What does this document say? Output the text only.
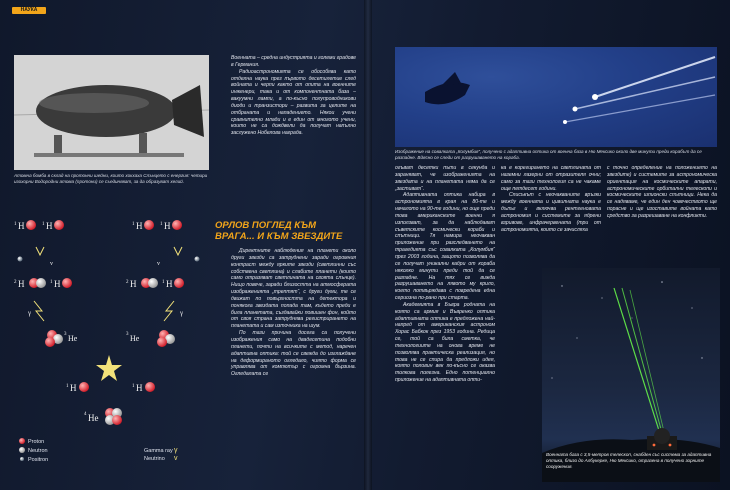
НАУКА
Атомна бомба в склад на протонни шейни, които хокхаха Слънцето с енергия: четири изохорни Водородни атома (протони) се съединяват, за да образуват хелий.

Военната – средна индустрията и големи градове в Германия.

Радиоастрономията се обособява като отделна наука през първото десетилетие след войната и черпи както от опита на военните инженери, така и от компонентната база – вакуумни лампи, а по-късно полупроводникови диоди и транзистори – развита за целите на отбраната и нападението. Някои учени сравнително млади и е един от многото учени, които не са дождвели да получат напълно заслужено Нобелова награда.

ОРЛОВ ПОГЛЕД КЪМ ВРАГА... И КЪМ ЗВЕЗДИТЕ

Директните наблюдения на планети около други звезди са затруднени заради огромния контраст между ярките звезди (светлинни със собствена светлина) и слабите планети (които само отразяват светлината на своята слънце). Нищо повече, заради близостта на атмосферата изображенията „трептят“, с други думи, те се движат по повърхността на детектора и понякога звездата попада там, където преди е била планетата, създавайки повишен фон, който от своя страна затруднява регистрирането на планетата и сам източника на шум.

По тази причина досега са получени изображения само на двадесетина подобни планети, почти на всичките с метод, наречен адаптивна оптика: той се свежда до изглаждане на деформираното огледало, чиято форма се управлява от компютър с огромна бързина. Огледалата се

1 H	1 H	1 H	1 H
v	v
2 H	1 H	2 H	1 H
γ	γ
3 He	3 He
1 H	1 H
4 He
Proton
Neutron
Positron
Gamma ray γ
Neutrino v
Изображение на совалката „Колумбия“, получено с адаптивна оптика от военна база в Ню Мексико около две минути преди корабът да се разпадне. Вдясно се следи от разрушаването на кораба.

огъват десетки пъти в секунда и зараняват, че изображенията на звездата и на планетата няма да се „застиват“.

Адаптивната оптика набира в астрономията в края на 80-те и началото на 90-те години, но още преди това американските военни я използват, за да наблюдават съветските космически кораби и спътници. Тя намира неочакван приложение при разследването на трагедията със совалката „Колумбия“ през 2003 година, защото позволява да се получат уникални кадри от кораба няколко минути преди той да се разпадне. На тях се вижда разрушаването на лявото му крило, което потвърждава с повредена една сериозна по-рано при старта.

Академията в Бъвра родната на която са армия и Въвренко оптика адаптивната оптика е предложена най-напред от американския астроном Хорас Бабкок през 1953 година. Редица се, той са била сметка, че технологиите на онова време не позволява практическа реализация, но това не се спира да предложи идея, която половин век по-късно се оказва толкова полезна. Едно потенциално приложение на адаптивната опти-

ка е корегирането на светлината от наземни лазерни от отразителя очни; само за тази технология са не чакаме още петдесет години.

Списъкът с неочакваните връзки между военната и цивилната наука е дълъг и включва рентгеновата астрономия и системите за ядрени взривове, инфрачервената (три от астрономията, които се зачисляха

с точно определение на положението на звездите) и системите за астрономическа ориентация на космическите апарати, астрономическите орбитални телескопи и космическите шпионски спътници. Нека да се надяваме, че един ден човечеството ще порасне и ще изоставите войната като средство за разрешаване на конфликти.

Военната база с 3,5-метров телескоп, снабден със система за адаптивна оптика, близо до Албукерке, Ню Мексико, отразена в получено зорните сооружения.
